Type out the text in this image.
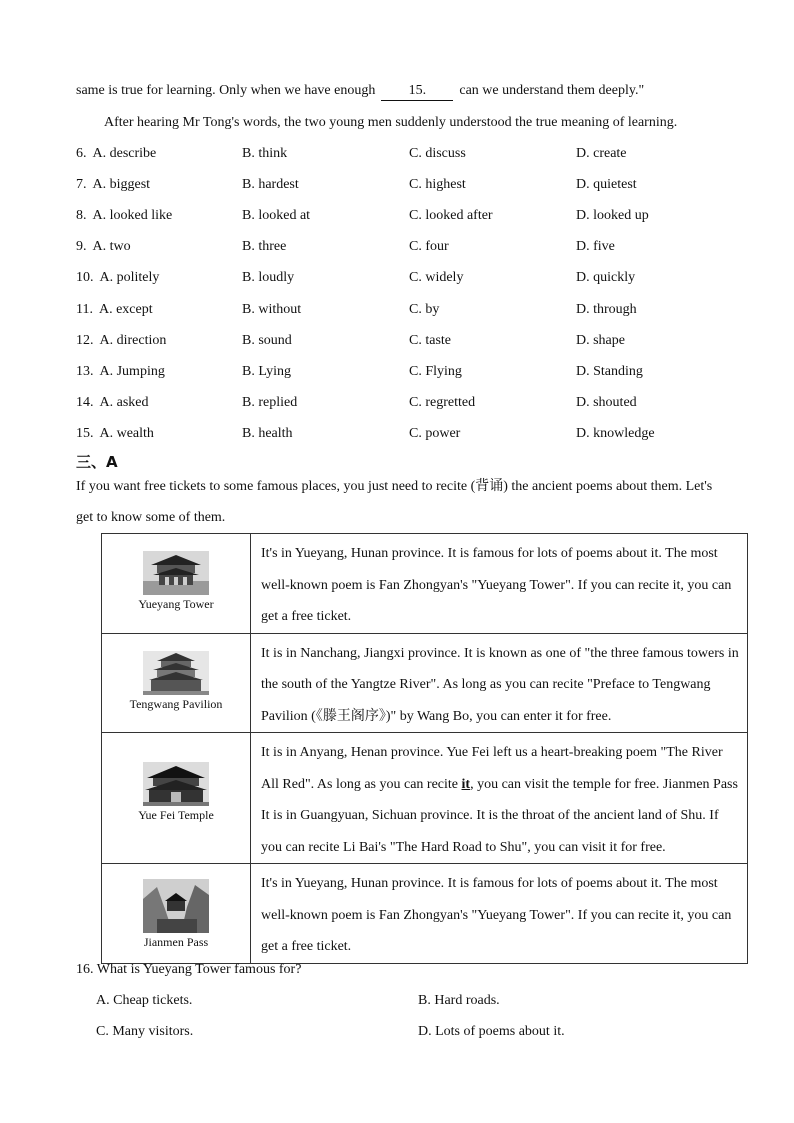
same is true for learning. Only when we have enough 15. can we understand them deeply."
After hearing Mr Tong's words, the two young men suddenly understood the true meaning of learning.
6. A. describe	B. think	C. discuss	D. create
7. A. biggest	B. hardest	C. highest	D. quietest
8. A. looked like	B. looked at	C. looked after	D. looked up
9. A. two	B. three	C. four	D. five
10. A. politely	B. loudly	C. widely	D. quickly
11. A. except	B. without	C. by	D. through
12. A. direction	B. sound	C. taste	D. shape
13. A. Jumping	B. Lying	C. Flying	D. Standing
14. A. asked	B. replied	C. regretted	D. shouted
15. A. wealth	B. health	C. power	D. knowledge
三、A
If you want free tickets to some famous places, you just need to recite (背诵) the ancient poems about them. Let's
get to know some of them.
Yueyang Tower	It's in Yueyang, Hunan province. It is famous for lots of poems about it. The most well-known poem is Fan Zhongyan's "Yueyang Tower". If you can recite it, you can get a free ticket.

Tengwang Pavilion	It is in Nanchang, Jiangxi province. It is known as one of "the three famous towers in the south of the Yangtze River". As long as you can recite "Preface to Tengwang Pavilion (《滕王阁序》)" by Wang Bo, you can enter it for free.

Yue Fei Temple	It is in Anyang, Henan province. Yue Fei left us a heart-breaking poem "The River All Red". As long as you can recite it, you can visit the temple for free. Jianmen Pass It is in Guangyuan, Sichuan province. It is the throat of the ancient land of Shu. If you can recite Li Bai's "The Hard Road to Shu", you can visit it for free.

Jianmen Pass	It's in Yueyang, Hunan province. It is famous for lots of poems about it. The most well-known poem is Fan Zhongyan's "Yueyang Tower". If you can recite it, you can get a free ticket.
16. What is Yueyang Tower famous for?
A. Cheap tickets.	B. Hard roads.
C. Many visitors.	D. Lots of poems about it.
